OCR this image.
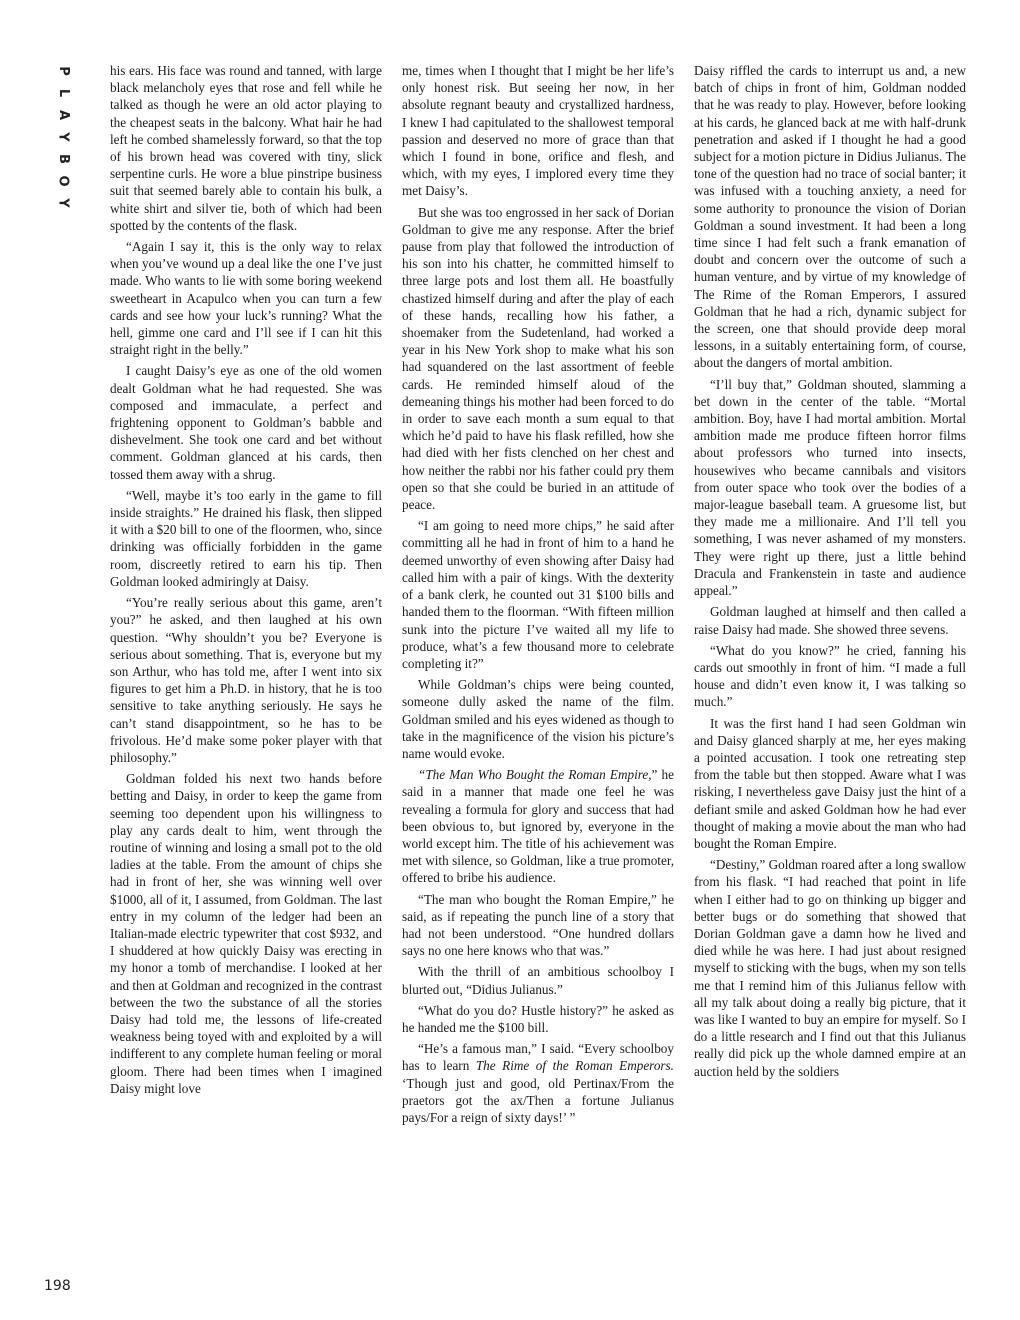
P
L
A
Y
B
O
Y
198

his ears. His face was round and tanned, with large black melancholy eyes that rose and fell while he talked as though he were an old actor playing to the cheapest seats in the balcony. What hair he had left he combed shamelessly forward, so that the top of his brown head was covered with tiny, slick serpentine curls. He wore a blue pinstripe business suit that seemed barely able to contain his bulk, a white shirt and silver tie, both of which had been spotted by the contents of the flask.

“Again I say it, this is the only way to relax when you’ve wound up a deal like the one I’ve just made. Who wants to lie with some boring weekend sweetheart in Acapulco when you can turn a few cards and see how your luck’s running? What the hell, gimme one card and I’ll see if I can hit this straight right in the belly.”

I caught Daisy’s eye as one of the old women dealt Goldman what he had requested. She was composed and immaculate, a perfect and frightening opponent to Goldman’s babble and dishevelment. She took one card and bet without comment. Goldman glanced at his cards, then tossed them away with a shrug.

“Well, maybe it’s too early in the game to fill inside straights.” He drained his flask, then slipped it with a $20 bill to one of the floormen, who, since drinking was officially forbidden in the game room, discreetly retired to earn his tip. Then Goldman looked admiringly at Daisy.

“You’re really serious about this game, aren’t you?” he asked, and then laughed at his own question. “Why shouldn’t you be? Everyone is serious about something. That is, everyone but my son Arthur, who has told me, after I went into six figures to get him a Ph.D. in history, that he is too sensitive to take anything seriously. He says he can’t stand disappointment, so he has to be frivolous. He’d make some poker player with that philosophy.”

Goldman folded his next two hands before betting and Daisy, in order to keep the game from seeming too dependent upon his willingness to play any cards dealt to him, went through the routine of winning and losing a small pot to the old ladies at the table. From the amount of chips she had in front of her, she was winning well over $1000, all of it, I assumed, from Goldman. The last entry in my column of the ledger had been an Italian-made electric typewriter that cost $932, and I shuddered at how quickly Daisy was erecting in my honor a tomb of merchandise. I looked at her and then at Goldman and recognized in the contrast between the two the substance of all the stories Daisy had told me, the lessons of life-created weakness being toyed with and exploited by a will indifferent to any complete human feeling or moral gloom. There had been times when I imagined Daisy might love

me, times when I thought that I might be her life’s only honest risk. But seeing her now, in her absolute regnant beauty and crystallized hardness, I knew I had capitulated to the shallowest temporal passion and deserved no more of grace than that which I found in bone, orifice and flesh, and which, with my eyes, I implored every time they met Daisy’s.

But she was too engrossed in her sack of Dorian Goldman to give me any response. After the brief pause from play that followed the introduction of his son into his chatter, he committed himself to three large pots and lost them all. He boastfully chastized himself during and after the play of each of these hands, recalling how his father, a shoemaker from the Sudetenland, had worked a year in his New York shop to make what his son had squandered on the last assortment of feeble cards. He reminded himself aloud of the demeaning things his mother had been forced to do in order to save each month a sum equal to that which he’d paid to have his flask refilled, how she had died with her fists clenched on her chest and how neither the rabbi nor his father could pry them open so that she could be buried in an attitude of peace.

“I am going to need more chips,” he said after committing all he had in front of him to a hand he deemed unworthy of even showing after Daisy had called him with a pair of kings. With the dexterity of a bank clerk, he counted out 31 $100 bills and handed them to the floorman. “With fifteen million sunk into the picture I’ve waited all my life to produce, what’s a few thousand more to celebrate completing it?”

While Goldman’s chips were being counted, someone dully asked the name of the film. Goldman smiled and his eyes widened as though to take in the magnificence of the vision his picture’s name would evoke.

“The Man Who Bought the Roman Empire,” he said in a manner that made one feel he was revealing a formula for glory and success that had been obvious to, but ignored by, everyone in the world except him. The title of his achievement was met with silence, so Goldman, like a true promoter, offered to bribe his audience.

“The man who bought the Roman Empire,” he said, as if repeating the punch line of a story that had not been understood. “One hundred dollars says no one here knows who that was.”

With the thrill of an ambitious schoolboy I blurted out, “Didius Julianus.”

“What do you do? Hustle history?” he asked as he handed me the $100 bill.

“He’s a famous man,” I said. “Every schoolboy has to learn The Rime of the Roman Emperors. ‘Though just and good, old Pertinax/From the praetors got the ax/Then a fortune Julianus pays/For a reign of sixty days!’ ”

Daisy riffled the cards to interrupt us and, a new batch of chips in front of him, Goldman nodded that he was ready to play. However, before looking at his cards, he glanced back at me with half-drunk penetration and asked if I thought he had a good subject for a motion picture in Didius Julianus. The tone of the question had no trace of social banter; it was infused with a touching anxiety, a need for some authority to pronounce the vision of Dorian Goldman a sound investment. It had been a long time since I had felt such a frank emanation of doubt and concern over the outcome of such a human venture, and by virtue of my knowledge of The Rime of the Roman Emperors, I assured Goldman that he had a rich, dynamic subject for the screen, one that should provide deep moral lessons, in a suitably entertaining form, of course, about the dangers of mortal ambition.

“I’ll buy that,” Goldman shouted, slamming a bet down in the center of the table. “Mortal ambition. Boy, have I had mortal ambition. Mortal ambition made me produce fifteen horror films about professors who turned into insects, housewives who became cannibals and visitors from outer space who took over the bodies of a major-league baseball team. A gruesome list, but they made me a millionaire. And I’ll tell you something, I was never ashamed of my monsters. They were right up there, just a little behind Dracula and Frankenstein in taste and audience appeal.”

Goldman laughed at himself and then called a raise Daisy had made. She showed three sevens.

“What do you know?” he cried, fanning his cards out smoothly in front of him. “I made a full house and didn’t even know it, I was talking so much.”

It was the first hand I had seen Goldman win and Daisy glanced sharply at me, her eyes making a pointed accusation. I took one retreating step from the table but then stopped. Aware what I was risking, I nevertheless gave Daisy just the hint of a defiant smile and asked Goldman how he had ever thought of making a movie about the man who had bought the Roman Empire.

“Destiny,” Goldman roared after a long swallow from his flask. “I had reached that point in life when I either had to go on thinking up bigger and better bugs or do something that showed that Dorian Goldman gave a damn how he lived and died while he was here. I had just about resigned myself to sticking with the bugs, when my son tells me that I remind him of this Julianus fellow with all my talk about doing a really big picture, that it was like I wanted to buy an empire for myself. So I do a little research and I find out that this Julianus really did pick up the whole damned empire at an auction held by the soldiers
